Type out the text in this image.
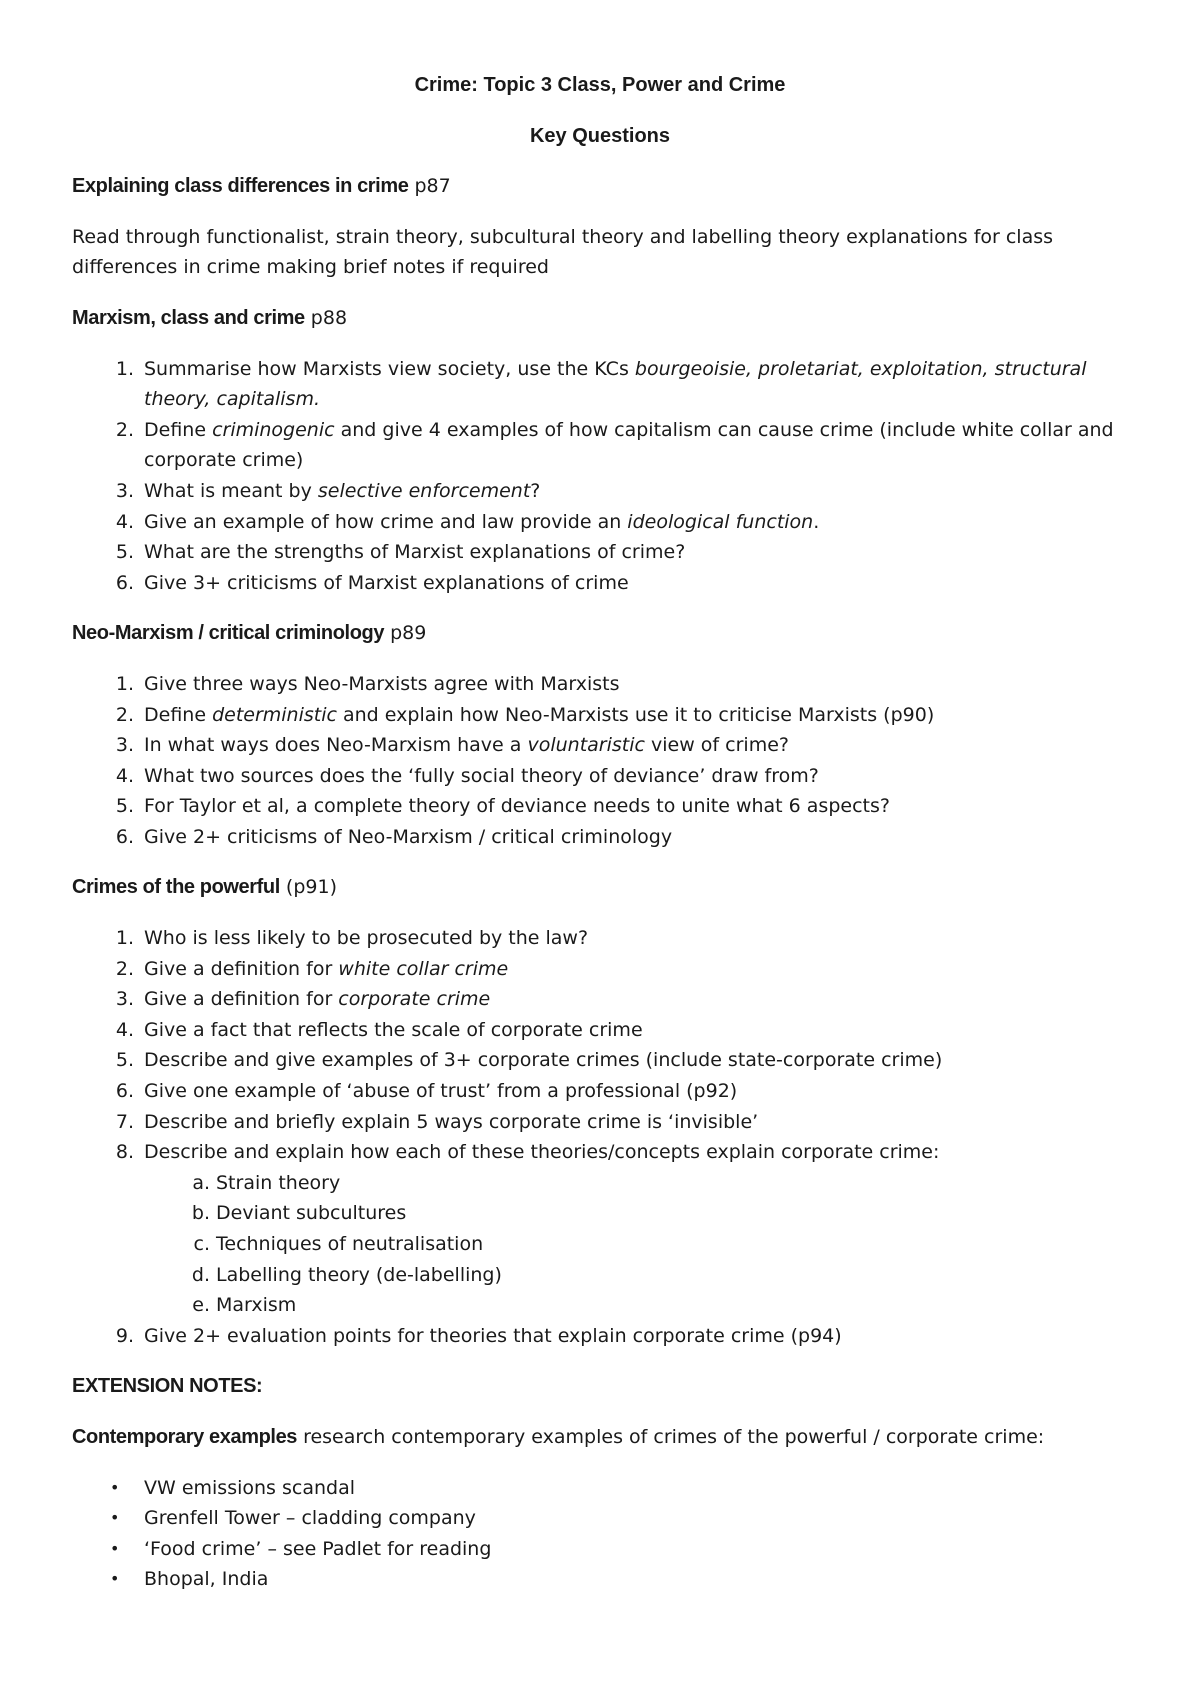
Crime: Topic 3 Class, Power and Crime

Key Questions

Explaining class differences in crime p87

Read through functionalist, strain theory, subcultural theory and labelling theory explanations for class differences in crime making brief notes if required

Marxism, class and crime p88

1. Summarise how Marxists view society, use the KCs bourgeoisie, proletariat, exploitation, structural theory, capitalism.
2. Define criminogenic and give 4 examples of how capitalism can cause crime (include white collar and corporate crime)
3. What is meant by selective enforcement?
4. Give an example of how crime and law provide an ideological function.
5. What are the strengths of Marxist explanations of crime?
6. Give 3+ criticisms of Marxist explanations of crime

Neo-Marxism / critical criminology p89

1. Give three ways Neo-Marxists agree with Marxists
2. Define deterministic and explain how Neo-Marxists use it to criticise Marxists (p90)
3. In what ways does Neo-Marxism have a voluntaristic view of crime?
4. What two sources does the ‘fully social theory of deviance’ draw from?
5. For Taylor et al, a complete theory of deviance needs to unite what 6 aspects?
6. Give 2+ criticisms of Neo-Marxism / critical criminology

Crimes of the powerful (p91)

1. Who is less likely to be prosecuted by the law?
2. Give a definition for white collar crime
3. Give a definition for corporate crime
4. Give a fact that reflects the scale of corporate crime
5. Describe and give examples of 3+ corporate crimes (include state-corporate crime)
6. Give one example of ‘abuse of trust’ from a professional (p92)
7. Describe and briefly explain 5 ways corporate crime is ‘invisible’
8. Describe and explain how each of these theories/concepts explain corporate crime:
a. Strain theory
b. Deviant subcultures
c. Techniques of neutralisation
d. Labelling theory (de-labelling)
e. Marxism
9. Give 2+ evaluation points for theories that explain corporate crime (p94)

EXTENSION NOTES:

Contemporary examples research contemporary examples of crimes of the powerful / corporate crime:

• VW emissions scandal
• Grenfell Tower – cladding company
• ‘Food crime’ – see Padlet for reading
• Bhopal, India
